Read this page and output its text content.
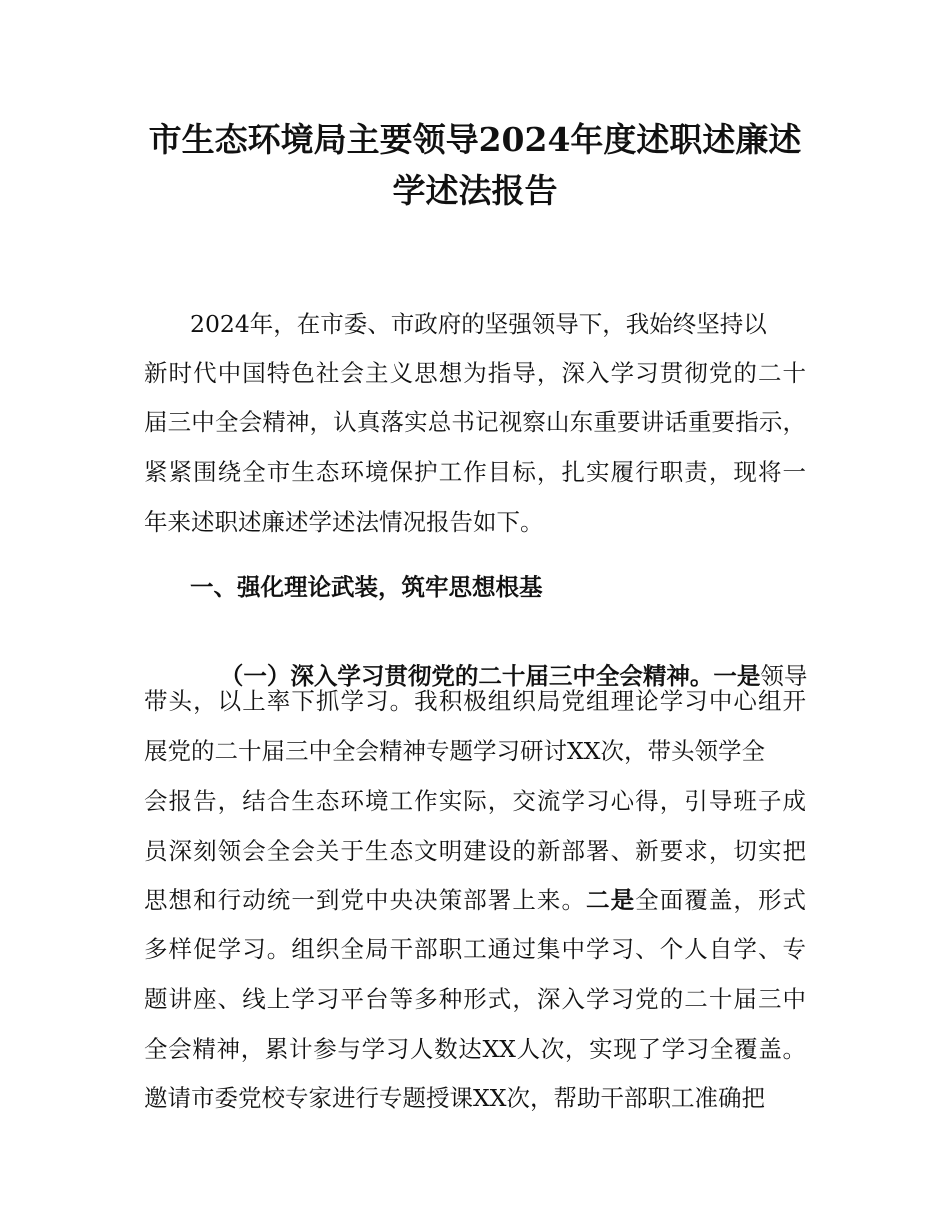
市生态环境局主要领导2024年度述职述廉述
学述法报告
2024年，在市委、市政府的坚强领导下，我始终坚持以
新时代中国特色社会主义思想为指导，深入学习贯彻党的二十
届三中全会精神，认真落实总书记视察山东重要讲话重要指示，
紧紧围绕全市生态环境保护工作目标，扎实履行职责，现将一
年来述职述廉述学述法情况报告如下。
一、强化理论武装，筑牢思想根基

（一）深入学习贯彻党的二十届三中全会精神。一是领导

带头，以上率下抓学习。我积极组织局党组理论学习中心组开
展党的二十届三中全会精神专题学习研讨XX次，带头领学全
会报告，结合生态环境工作实际，交流学习心得，引导班子成
员深刻领会全会关于生态文明建设的新部署、新要求，切实把
思想和行动统一到党中央决策部署上来。二是全面覆盖，形式
多样促学习。组织全局干部职工通过集中学习、个人自学、专
题讲座、线上学习平台等多种形式，深入学习党的二十届三中
全会精神，累计参与学习人数达XX人次，实现了学习全覆盖。
邀请市委党校专家进行专题授课XX次，帮助干部职工准确把
